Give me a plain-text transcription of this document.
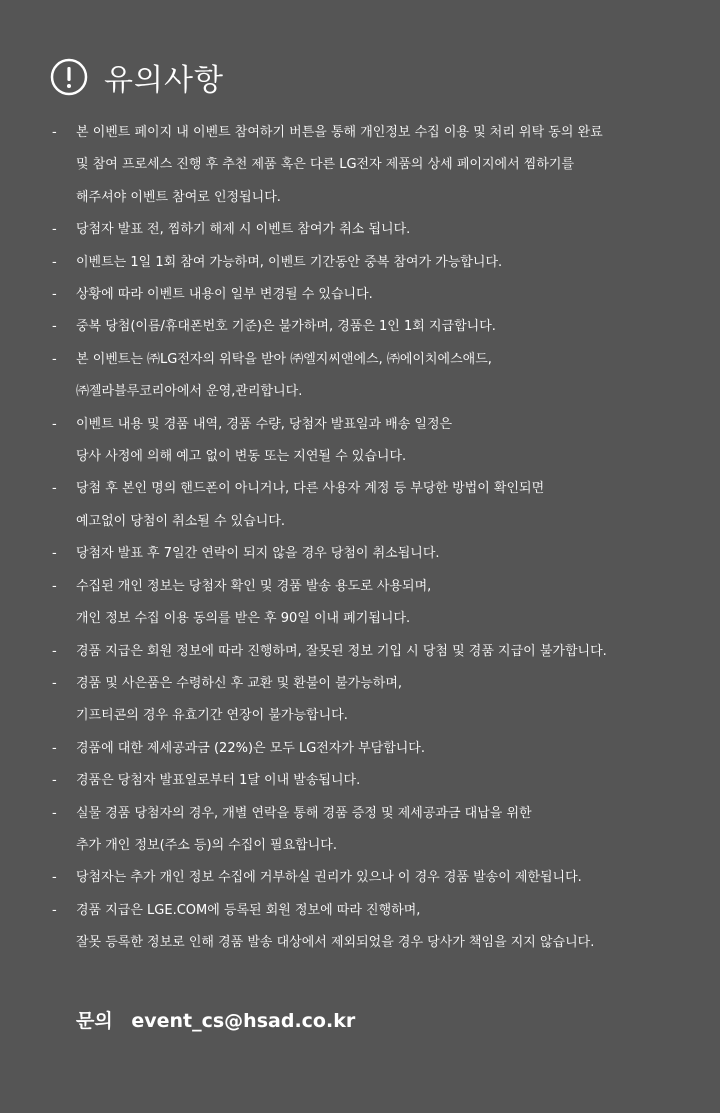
유의사항
-	본 이벤트 페이지 내 이벤트 참여하기 버튼을 통해 개인정보 수집 이용 및 처리 위탁 동의 완료
및 참여 프로세스 진행 후 추천 제품 혹은 다른 LG전자 제품의 상세 페이지에서 찜하기를
해주셔야 이벤트 참여로 인정됩니다.
-	당첨자 발표 전, 찜하기 해제 시 이벤트 참여가 취소 됩니다.
-	이벤트는 1일 1회 참여 가능하며, 이벤트 기간동안 중복 참여가 가능합니다.
-	상황에 따라 이벤트 내용이 일부 변경될 수 있습니다.
-	중복 당첨(이름/휴대폰번호 기준)은 불가하며, 경품은 1인 1회 지급합니다.
-	본 이벤트는 ㈜LG전자의 위탁을 받아 ㈜엘지씨앤에스, ㈜에이치에스애드,
㈜젤라블루코리아에서 운영,관리합니다.
-	이벤트 내용 및 경품 내역, 경품 수량, 당첨자 발표일과 배송 일정은
당사 사정에 의해 예고 없이 변동 또는 지연될 수 있습니다.
-	당첨 후 본인 명의 핸드폰이 아니거나, 다른 사용자 계정 등 부당한 방법이 확인되면
예고없이 당첨이 취소될 수 있습니다.
-	당첨자 발표 후 7일간 연락이 되지 않을 경우 당첨이 취소됩니다.
-	수집된 개인 정보는 당첨자 확인 및 경품 발송 용도로 사용되며,
개인 정보 수집 이용 동의를 받은 후 90일 이내 폐기됩니다.
-	경품 지급은 회원 정보에 따라 진행하며, 잘못된 정보 기입 시 당첨 및 경품 지급이 불가합니다.
-	경품 및 사은품은 수령하신 후 교환 및 환불이 불가능하며,
기프티콘의 경우 유효기간 연장이 불가능합니다.
-	경품에 대한 제세공과금 (22%)은 모두 LG전자가 부담합니다.
-	경품은 당첨자 발표일로부터 1달 이내 발송됩니다.
-	실물 경품 당첨자의 경우, 개별 연락을 통해 경품 증정 및 제세공과금 대납을 위한
추가 개인 정보(주소 등)의 수집이 필요합니다.
-	당첨자는 추가 개인 정보 수집에 거부하실 권리가 있으나 이 경우 경품 발송이 제한됩니다.
-	경품 지급은 LGE.COM에 등록된 회원 정보에 따라 진행하며,
잘못 등록한 정보로 인해 경품 발송 대상에서 제외되었을 경우 당사가 책임을 지지 않습니다.
문의 event_cs@hsad.co.kr
